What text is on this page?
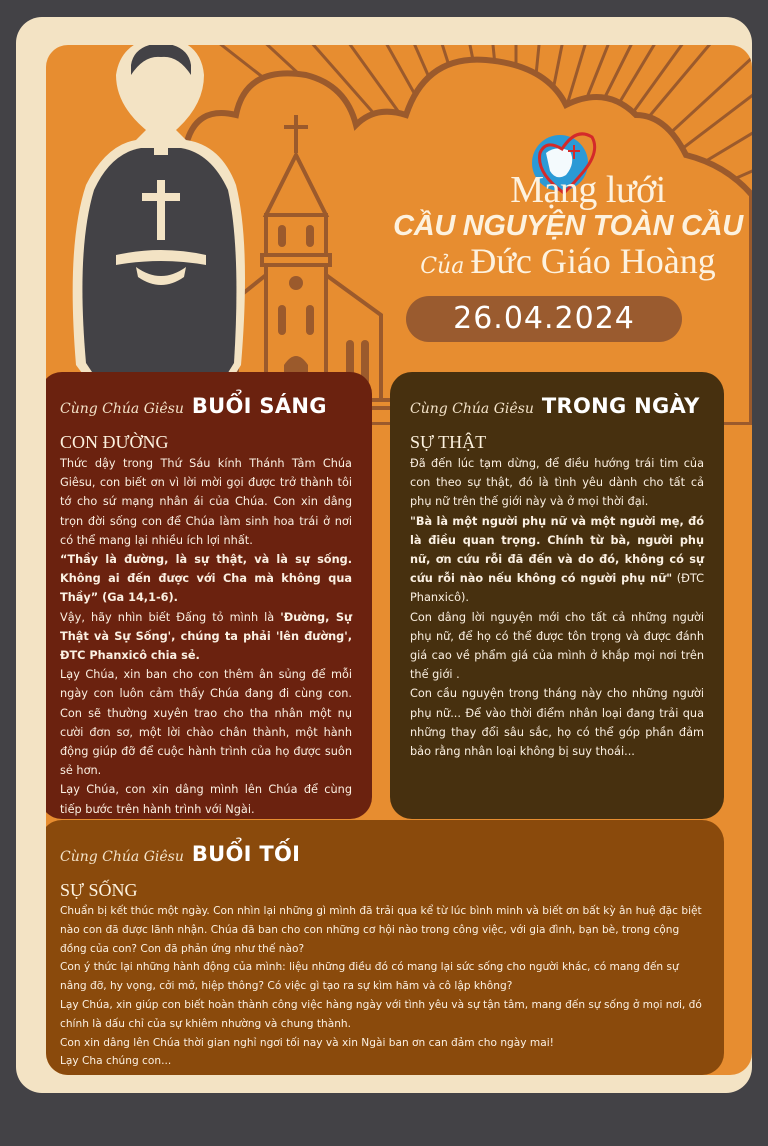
Mạng lưới
CẦU NGUYỆN TOÀN CẦU
Của Đức Giáo Hoàng
26.04.2024
Cùng Chúa Giêsu BUỔI SÁNG
CON ĐƯỜNG

Thức dậy trong Thứ Sáu kính Thánh Tâm Chúa Giêsu, con biết ơn vì lời mời gọi được trở thành tôi tớ cho sứ mạng nhân ái của Chúa. Con xin dâng trọn đời sống con để Chúa làm sinh hoa trái ở nơi có thể mang lại nhiều ích lợi nhất.

“Thầy là đường, là sự thật, và là sự sống. Không ai đến được với Cha mà không qua Thầy” (Ga 14,1-6).

Vậy, hãy nhìn biết Đấng tỏ mình là 'Đường, Sự Thật và Sự Sống', chúng ta phải 'lên đường', ĐTC Phanxicô chia sẻ.

Lạy Chúa, xin ban cho con thêm ân sủng để mỗi ngày con luôn cảm thấy Chúa đang đi cùng con. Con sẽ thường xuyên trao cho tha nhân một nụ cười đơn sơ, một lời chào chân thành, một hành động giúp đỡ để cuộc hành trình của họ được suôn sẻ hơn.

Lạy Chúa, con xin dâng mình lên Chúa để cùng tiếp bước trên hành trình với Ngài.

Cùng Chúa Giêsu TRONG NGÀY
SỰ THẬT

Đã đến lúc tạm dừng, để điều hướng trái tim của con theo sự thật, đó là tình yêu dành cho tất cả phụ nữ trên thế giới này và ở mọi thời đại.

"Bà là một người phụ nữ và một người mẹ, đó là điều quan trọng. Chính từ bà, người phụ nữ, ơn cứu rỗi đã đến và do đó, không có sự cứu rỗi nào nếu không có người phụ nữ" (ĐTC Phanxicô).

Con dâng lời nguyện mới cho tất cả những người phụ nữ, để họ có thể được tôn trọng và được đánh giá cao về phẩm giá của mình ở khắp mọi nơi trên thế giới .

Con cầu nguyện trong tháng này cho những người phụ nữ... Để vào thời điểm nhân loại đang trải qua những thay đổi sâu sắc, họ có thể góp phần đảm bảo rằng nhân loại không bị suy thoái...

Cùng Chúa Giêsu BUỔI TỐI
SỰ SỐNG

Chuẩn bị kết thúc một ngày. Con nhìn lại những gì mình đã trải qua kể từ lúc bình minh và biết ơn bất kỳ ân huệ đặc biệt nào con đã được lãnh nhận. Chúa đã ban cho con những cơ hội nào trong công việc, với gia đình, bạn bè, trong cộng đồng của con? Con đã phản ứng như thế nào?

Con ý thức lại những hành động của mình: liệu những điều đó có mang lại sức sống cho người khác, có mang đến sự nâng đỡ, hy vọng, cởi mở, hiệp thông? Có việc gì tạo ra sự kìm hãm và cô lập không?

Lạy Chúa, xin giúp con biết hoàn thành công việc hàng ngày với tình yêu và sự tận tâm, mang đến sự sống ở mọi nơi, đó chính là dấu chỉ của sự khiêm nhường và chung thành.

Con xin dâng lên Chúa thời gian nghỉ ngơi tối nay và xin Ngài ban ơn can đảm cho ngày mai!

Lạy Cha chúng con...
